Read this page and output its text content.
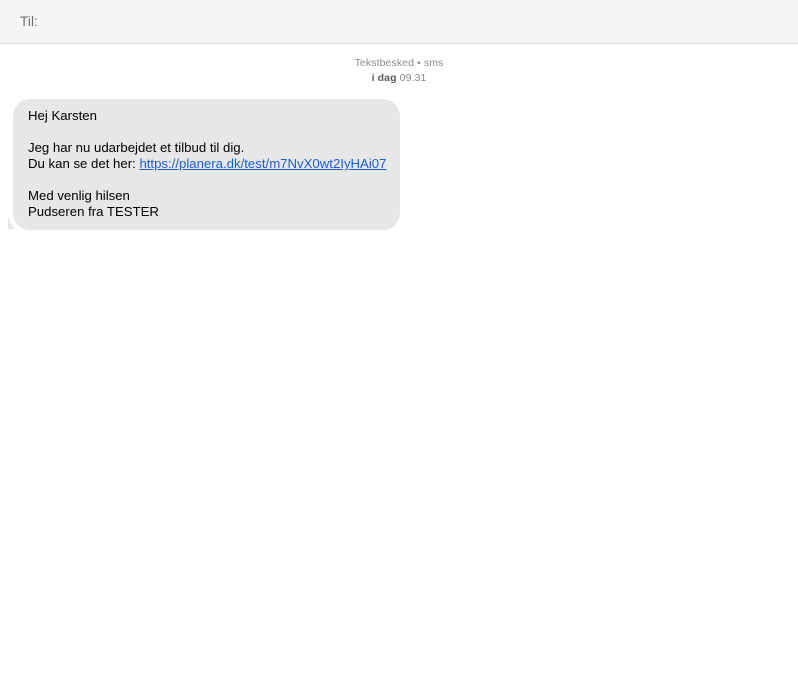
Til:
Tekstbesked • sms
i dag 09.31
Hej Karsten
Jeg har nu udarbejdet et tilbud til dig.
Du kan se det her: https://planera.dk/test/m7NvX0wt2IyHAi07
Med venlig hilsen
Pudseren fra TESTER
